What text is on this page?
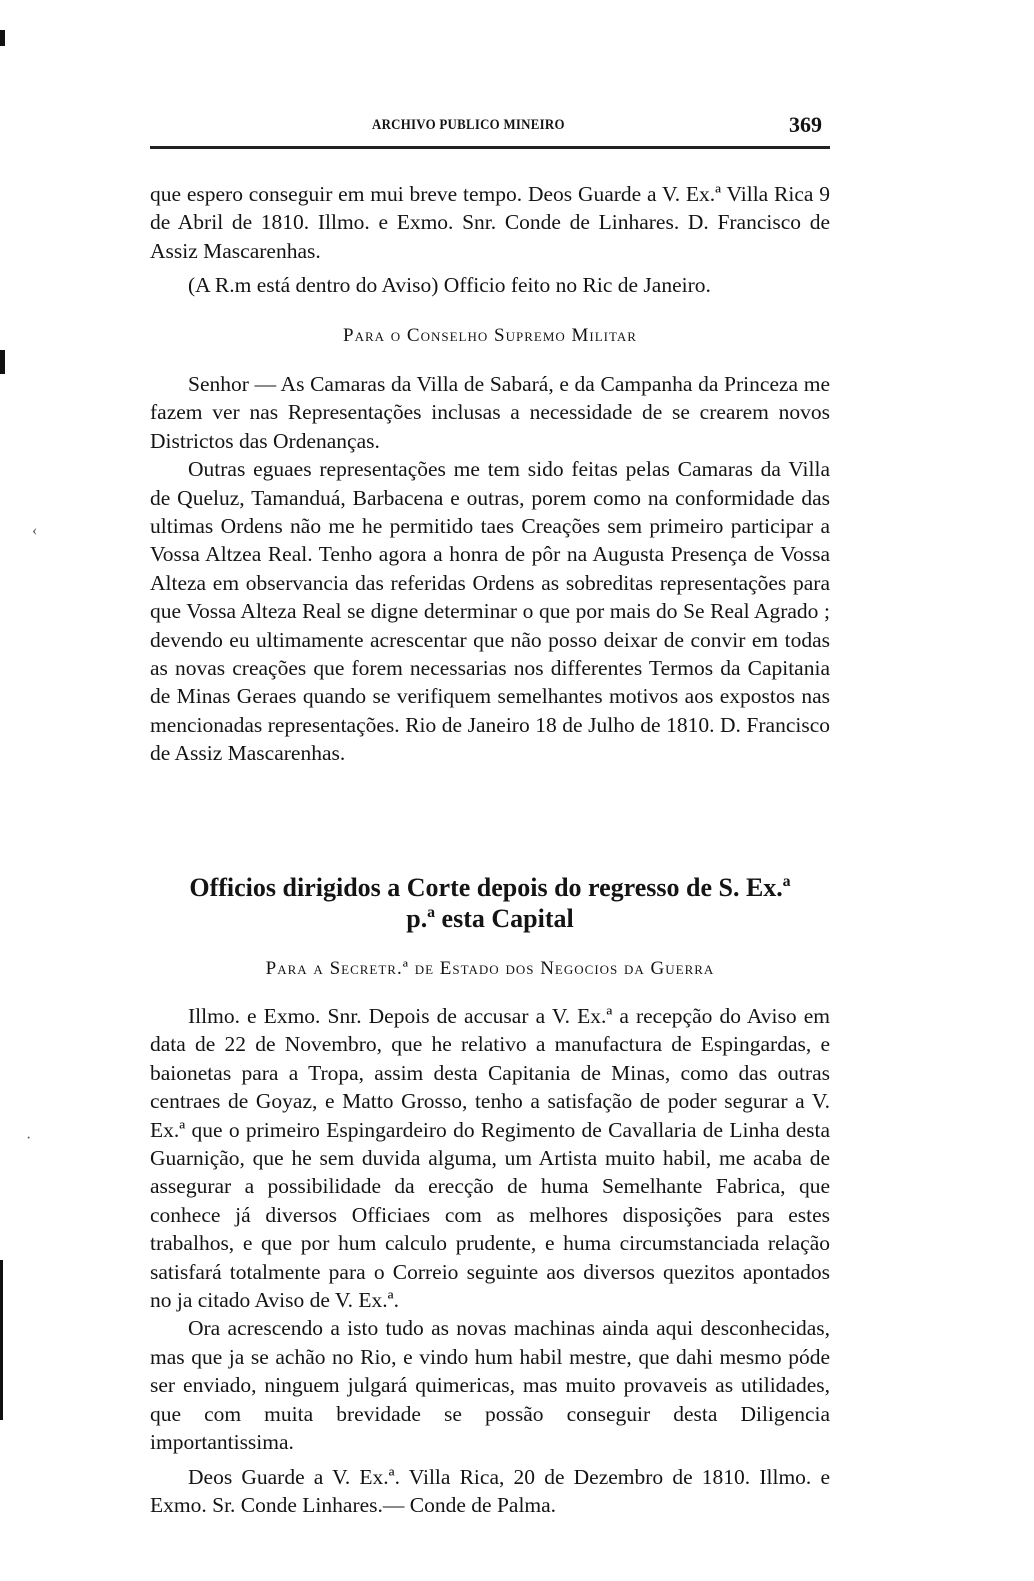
ARCHIVO PUBLICO MINEIRO	369

que espero conseguir em mui breve tempo. Deos Guarde a V. Ex.ª Villa Rica 9 de Abril de 1810. Illmo. e Exmo. Snr. Conde de Linhares. D. Francisco de Assiz Mascarenhas.

(A R.m está dentro do Aviso) Officio feito no Ric de Janeiro.

Para o Conselho Supremo Militar

Senhor — As Camaras da Villa de Sabará, e da Campanha da Princeza me fazem ver nas Representações inclusas a necessidade de se crearem novos Districtos das Ordenanças.

Outras eguaes representações me tem sido feitas pelas Camaras da Villa de Queluz, Tamanduá, Barbacena e outras, porem como na conformidade das ultimas Ordens não me he permitido taes Creações sem primeiro participar a Vossa Altzea Real. Tenho agora a honra de pôr na Augusta Presença de Vossa Alteza em observancia das referidas Ordens as sobreditas representações para que Vossa Alteza Real se digne determinar o que por mais do Se Real Agrado ; devendo eu ultimamente acrescentar que não posso deixar de convir em todas as novas creações que forem necessarias nos differentes Termos da Capitania de Minas Geraes quando se verifiquem semelhantes motivos aos expostos nas mencionadas representações. Rio de Janeiro 18 de Julho de 1810. D. Francisco de Assiz Mascarenhas.

Officios dirigidos a Corte depois do regresso de S. Ex.ª
p.ª esta Capital
Para a Secretr.ª de Estado dos Negocios da Guerra

Illmo. e Exmo. Snr. Depois de accusar a V. Ex.ª a recepção do Aviso em data de 22 de Novembro, que he relativo a manufactura de Espingardas, e baionetas para a Tropa, assim desta Capitania de Minas, como das outras centraes de Goyaz, e Matto Grosso, tenho a satisfação de poder segurar a V. Ex.ª que o primeiro Espingardeiro do Regimento de Cavallaria de Linha desta Guarnição, que he sem duvida alguma, um Artista muito habil, me acaba de assegurar a possibilidade da erecção de huma Semelhante Fabrica, que conhece já diversos Officiaes com as melhores disposições para estes trabalhos, e que por hum calculo prudente, e huma circumstanciada relação satisfará totalmente para o Correio seguinte aos diversos quezitos apontados no ja citado Aviso de V. Ex.ª.

Ora acrescendo a isto tudo as novas machinas ainda aqui desconhecidas, mas que ja se achão no Rio, e vindo hum habil mestre, que dahi mesmo póde ser enviado, ninguem julgará quimericas, mas muito provaveis as utilidades, que com muita brevidade se possão conseguir desta Diligencia importantissima.

Deos Guarde a V. Ex.ª. Villa Rica, 20 de Dezembro de 1810. Illmo. e Exmo. Sr. Conde Linhares.— Conde de Palma.

‹
·
